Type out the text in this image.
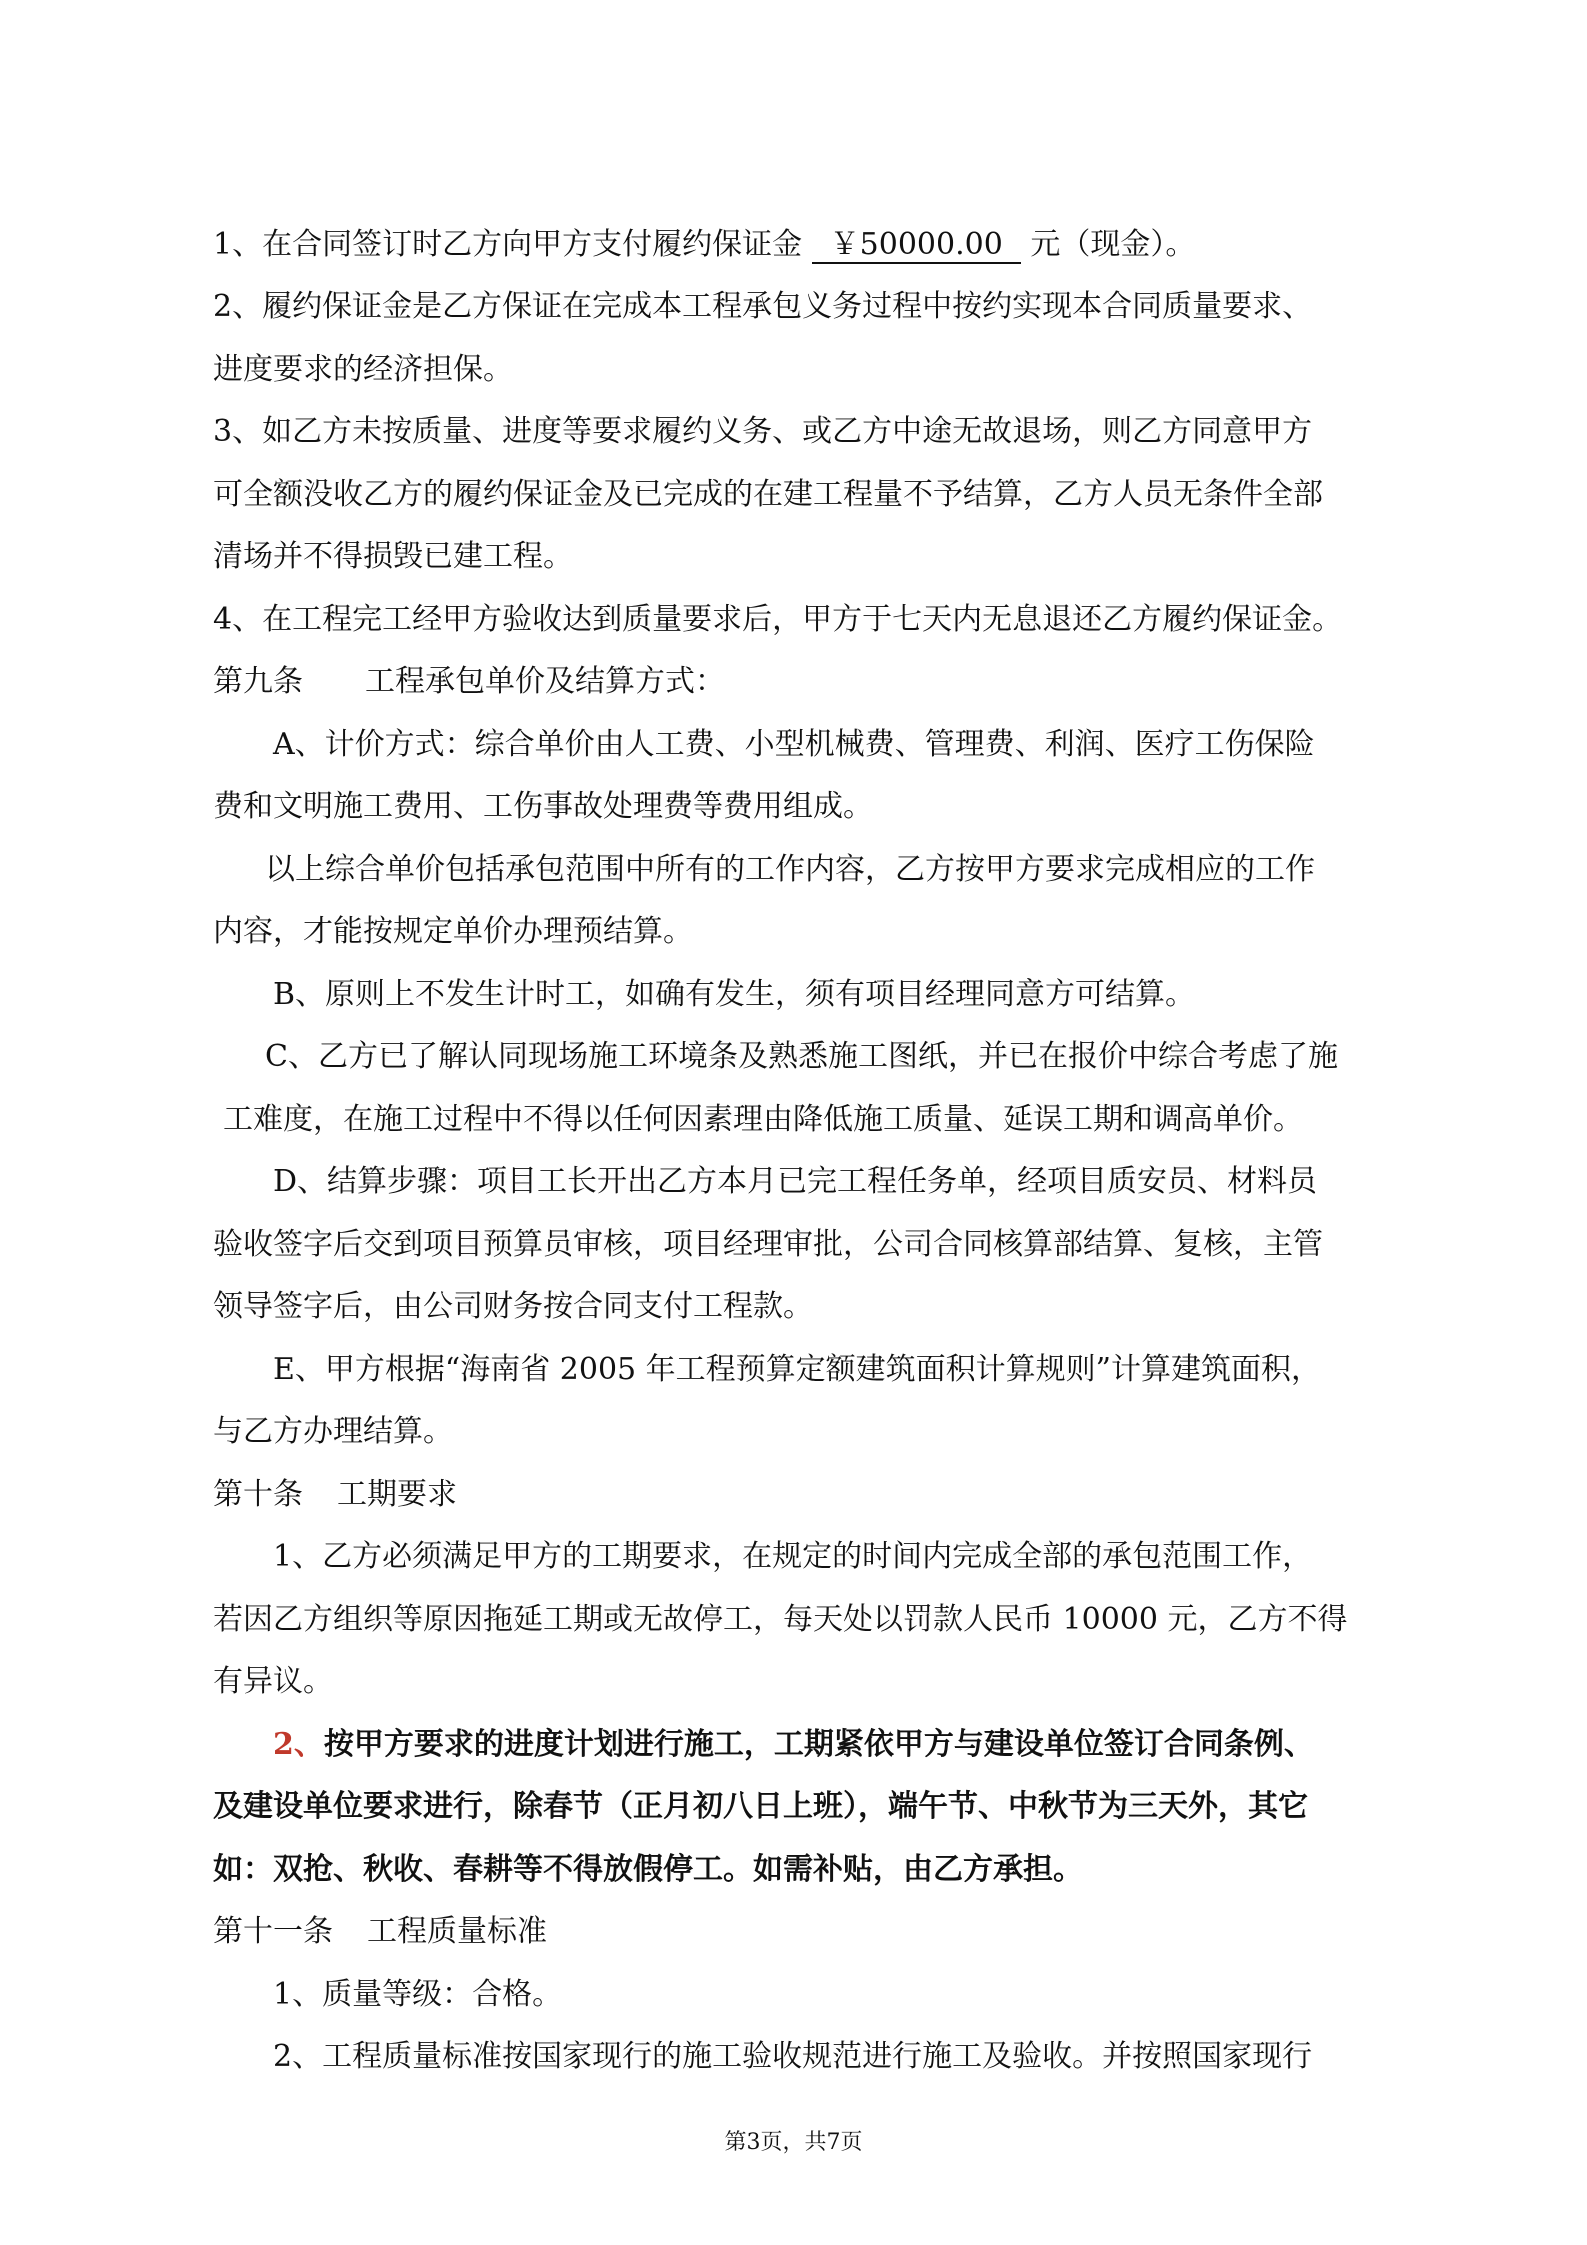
1、在合同签订时乙方向甲方支付履约保证金 ￥50000.00 元（现金）。
2、履约保证金是乙方保证在完成本工程承包义务过程中按约实现本合同质量要求、
进度要求的经济担保。
3、如乙方未按质量、进度等要求履约义务、或乙方中途无故退场，则乙方同意甲方
可全额没收乙方的履约保证金及已完成的在建工程量不予结算，乙方人员无条件全部
清场并不得损毁已建工程。
4、在工程完工经甲方验收达到质量要求后，甲方于七天内无息退还乙方履约保证金。
第九条 工程承包单价及结算方式：
A、计价方式：综合单价由人工费、小型机械费、管理费、利润、医疗工伤保险
费和文明施工费用、工伤事故处理费等费用组成。
以上综合单价包括承包范围中所有的工作内容，乙方按甲方要求完成相应的工作
内容，才能按规定单价办理预结算。
B、原则上不发生计时工，如确有发生，须有项目经理同意方可结算。
C、乙方已了解认同现场施工环境条及熟悉施工图纸，并已在报价中综合考虑了施
工难度，在施工过程中不得以任何因素理由降低施工质量、延误工期和调高单价。
D、结算步骤：项目工长开出乙方本月已完工程任务单，经项目质安员、材料员
验收签字后交到项目预算员审核，项目经理审批，公司合同核算部结算、复核，主管
领导签字后，由公司财务按合同支付工程款。
E、甲方根据“海南省 2005 年工程预算定额建筑面积计算规则”计算建筑面积，
与乙方办理结算。
第十条 工期要求
1、乙方必须满足甲方的工期要求，在规定的时间内完成全部的承包范围工作，
若因乙方组织等原因拖延工期或无故停工，每天处以罚款人民币 10000 元，乙方不得
有异议。
2、按甲方要求的进度计划进行施工，工期紧依甲方与建设单位签订合同条例、
及建设单位要求进行，除春节（正月初八日上班），端午节、中秋节为三天外，其它
如：双抢、秋收、春耕等不得放假停工。如需补贴，由乙方承担。
第十一条 工程质量标准
1、质量等级：合格。
2、工程质量标准按国家现行的施工验收规范进行施工及验收。并按照国家现行
第3页，共7页
